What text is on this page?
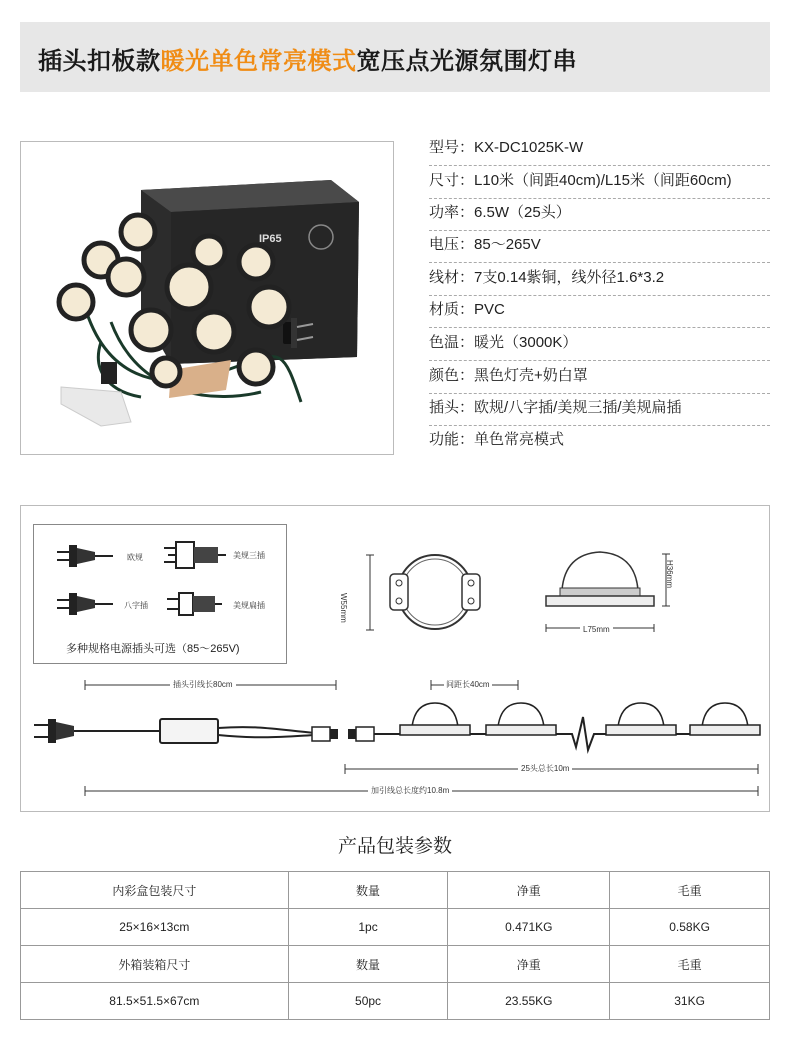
插头扣板款暖光单色常亮模式宽压点光源氛围灯串
IP65
型号：KX-DC1025K-W
尺寸：L10米（间距40cm)/L15米（间距60cm)
功率：6.5W（25头）
电压：85～265V
线材：7支0.14紫铜，线外径1.6*3.2
材质：PVC
色温：暖光（3000K）
颜色：黑色灯壳+奶白罩
插头：欧规/八字插/美规三插/美规扁插
功能：单色常亮模式
欧规	美规三插
八字插	美规扁插
多种规格电源插头可选（85～265V)
W55mm
H36mm
L75mm
插头引线长80cm	间距长40cm
25头总长10m
加引线总长度约10.8m
产品包装参数
内彩盒包装尺寸	数量	净重	毛重
25×16×13cm	1pc	0.471KG	0.58KG
外箱装箱尺寸	数量	净重	毛重
81.5×51.5×67cm	50pc	23.55KG	31KG
